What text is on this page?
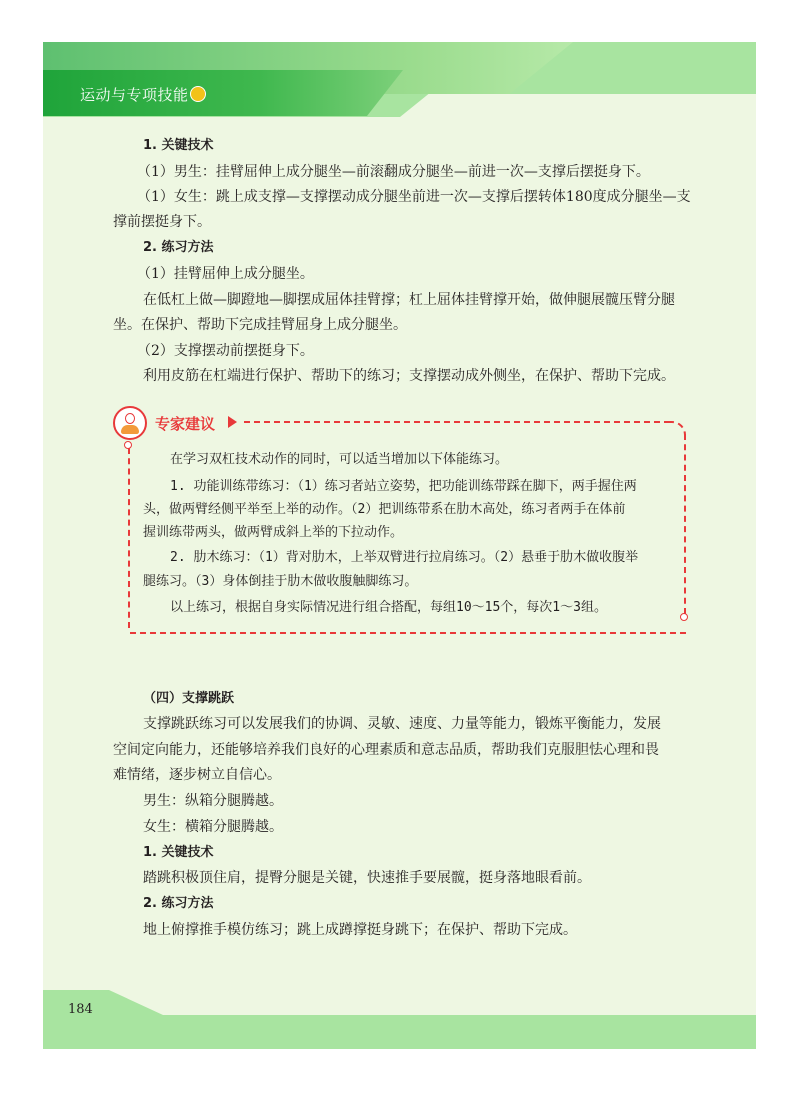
运动与专项技能
1. 关键技术
（1）男生：挂臂屈伸上成分腿坐—前滚翻成分腿坐—前进一次—支撑后摆挺身下。
（1）女生：跳上成支撑—支撑摆动成分腿坐前进一次—支撑后摆转体180度成分腿坐—支
撑前摆挺身下。
2. 练习方法
（1）挂臂屈伸上成分腿坐。
在低杠上做—脚蹬地—脚摆成屈体挂臂撑；杠上屈体挂臂撑开始，做伸腿展髋压臂分腿
坐。在保护、帮助下完成挂臂屈身上成分腿坐。
（2）支撑摆动前摆挺身下。
利用皮筋在杠端进行保护、帮助下的练习；支撑摆动成外侧坐，在保护、帮助下完成。
专家建议
在学习双杠技术动作的同时，可以适当增加以下体能练习。
1. 功能训练带练习：（1）练习者站立姿势，把功能训练带踩在脚下，两手握住两
头，做两臂经侧平举至上举的动作。（2）把训练带系在肋木高处，练习者两手在体前
握训练带两头，做两臂成斜上举的下拉动作。
2. 肋木练习：（1）背对肋木，上举双臂进行拉肩练习。（2）悬垂于肋木做收腹举
腿练习。（3）身体倒挂于肋木做收腹触脚练习。
以上练习，根据自身实际情况进行组合搭配，每组10～15个，每次1～3组。
（四）支撑跳跃
支撑跳跃练习可以发展我们的协调、灵敏、速度、力量等能力，锻炼平衡能力，发展
空间定向能力，还能够培养我们良好的心理素质和意志品质，帮助我们克服胆怯心理和畏
难情绪，逐步树立自信心。
男生：纵箱分腿腾越。
女生：横箱分腿腾越。
1. 关键技术
踏跳积极顶住肩，提臀分腿是关键，快速推手要展髋，挺身落地眼看前。
2. 练习方法
地上俯撑推手模仿练习；跳上成蹲撑挺身跳下；在保护、帮助下完成。
184
